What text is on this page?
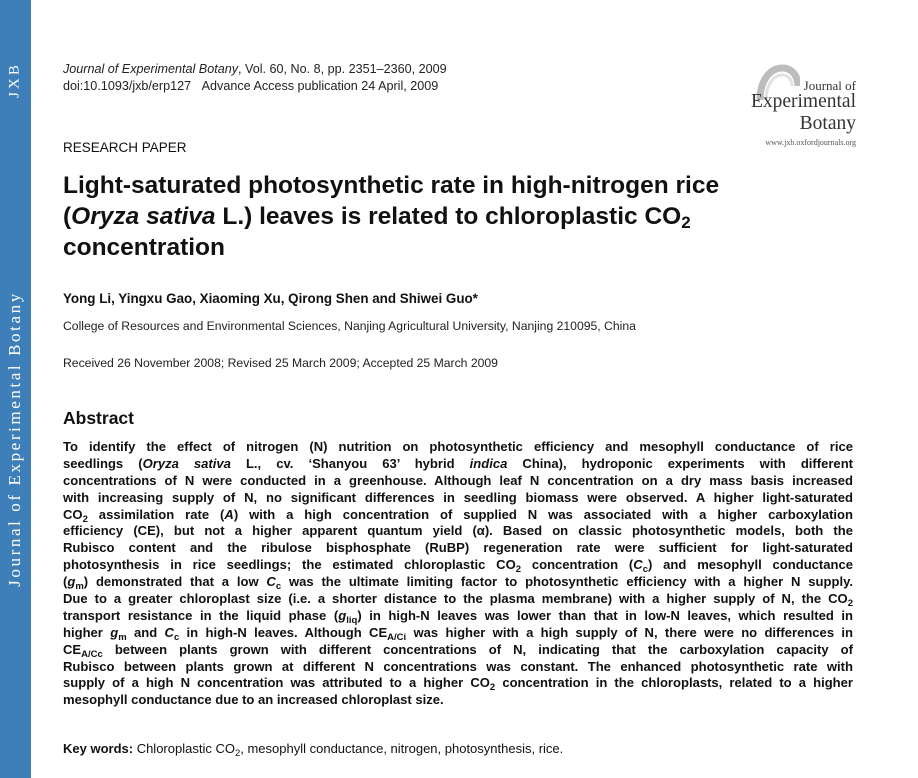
JXB
Journal of Experimental Botany
Journal of Experimental Botany, Vol. 60, No. 8, pp. 2351–2360, 2009
doi:10.1093/jxb/erp127 Advance Access publication 24 April, 2009	Journal of
Experimental
Botany
www.jxb.oxfordjournals.org
RESEARCH PAPER
Light-saturated photosynthetic rate in high-nitrogen rice
(Oryza sativa L.) leaves is related to chloroplastic $CO_2$
concentration
Yong Li, Yingxu Gao, Xiaoming Xu, Qirong Shen and Shiwei Guo*
College of Resources and Environmental Sciences, Nanjing Agricultural University, Nanjing 210095, China
Received 26 November 2008; Revised 25 March 2009; Accepted 25 March 2009
Abstract
To identify the effect of nitrogen (N) nutrition on photosynthetic efficiency and mesophyll conductance of rice
seedlings (Oryza sativa L., cv. ‘Shanyou 63’ hybrid indica China), hydroponic experiments with different
concentrations of N were conducted in a greenhouse. Although leaf N concentration on a dry mass basis increased
with increasing supply of N, no significant differences in seedling biomass were observed. A higher light-saturated
$CO_2$ assimilation rate (A) with a high concentration of supplied N was associated with a higher carboxylation
efficiency (CE), but not a higher apparent quantum yield (α). Based on classic photosynthetic models, both the
Rubisco content and the ribulose bisphosphate (RuBP) regeneration rate were sufficient for light-saturated
photosynthesis in rice seedlings; the estimated chloroplastic $CO_2$ concentration $(C_c)$ and mesophyll conductance
$(g_m)$ demonstrated that a low $C_c$ was the ultimate limiting factor to photosynthetic efficiency with a higher N supply.
Due to a greater chloroplast size (i.e. a shorter distance to the plasma membrane) with a higher supply of N, the $CO_2$
transport resistance in the liquid phase $(g_{liq})$ in high-N leaves was lower than that in low-N leaves, which resulted in
higher $g_m$ and $C_c$ in high-N leaves. Although $CE_{A/Ci}$ was higher with a high supply of N, there were no differences in
$CE_{A/Cc}$ between plants grown with different concentrations of N, indicating that the carboxylation capacity of
Rubisco between plants grown at different N concentrations was constant. The enhanced photosynthetic rate with
supply of a high N concentration was attributed to a higher $CO_2$ concentration in the chloroplasts, related to a higher
mesophyll conductance due to an increased chloroplast size.
Key words: Chloroplastic $CO_2$, mesophyll conductance, nitrogen, photosynthesis, rice.
